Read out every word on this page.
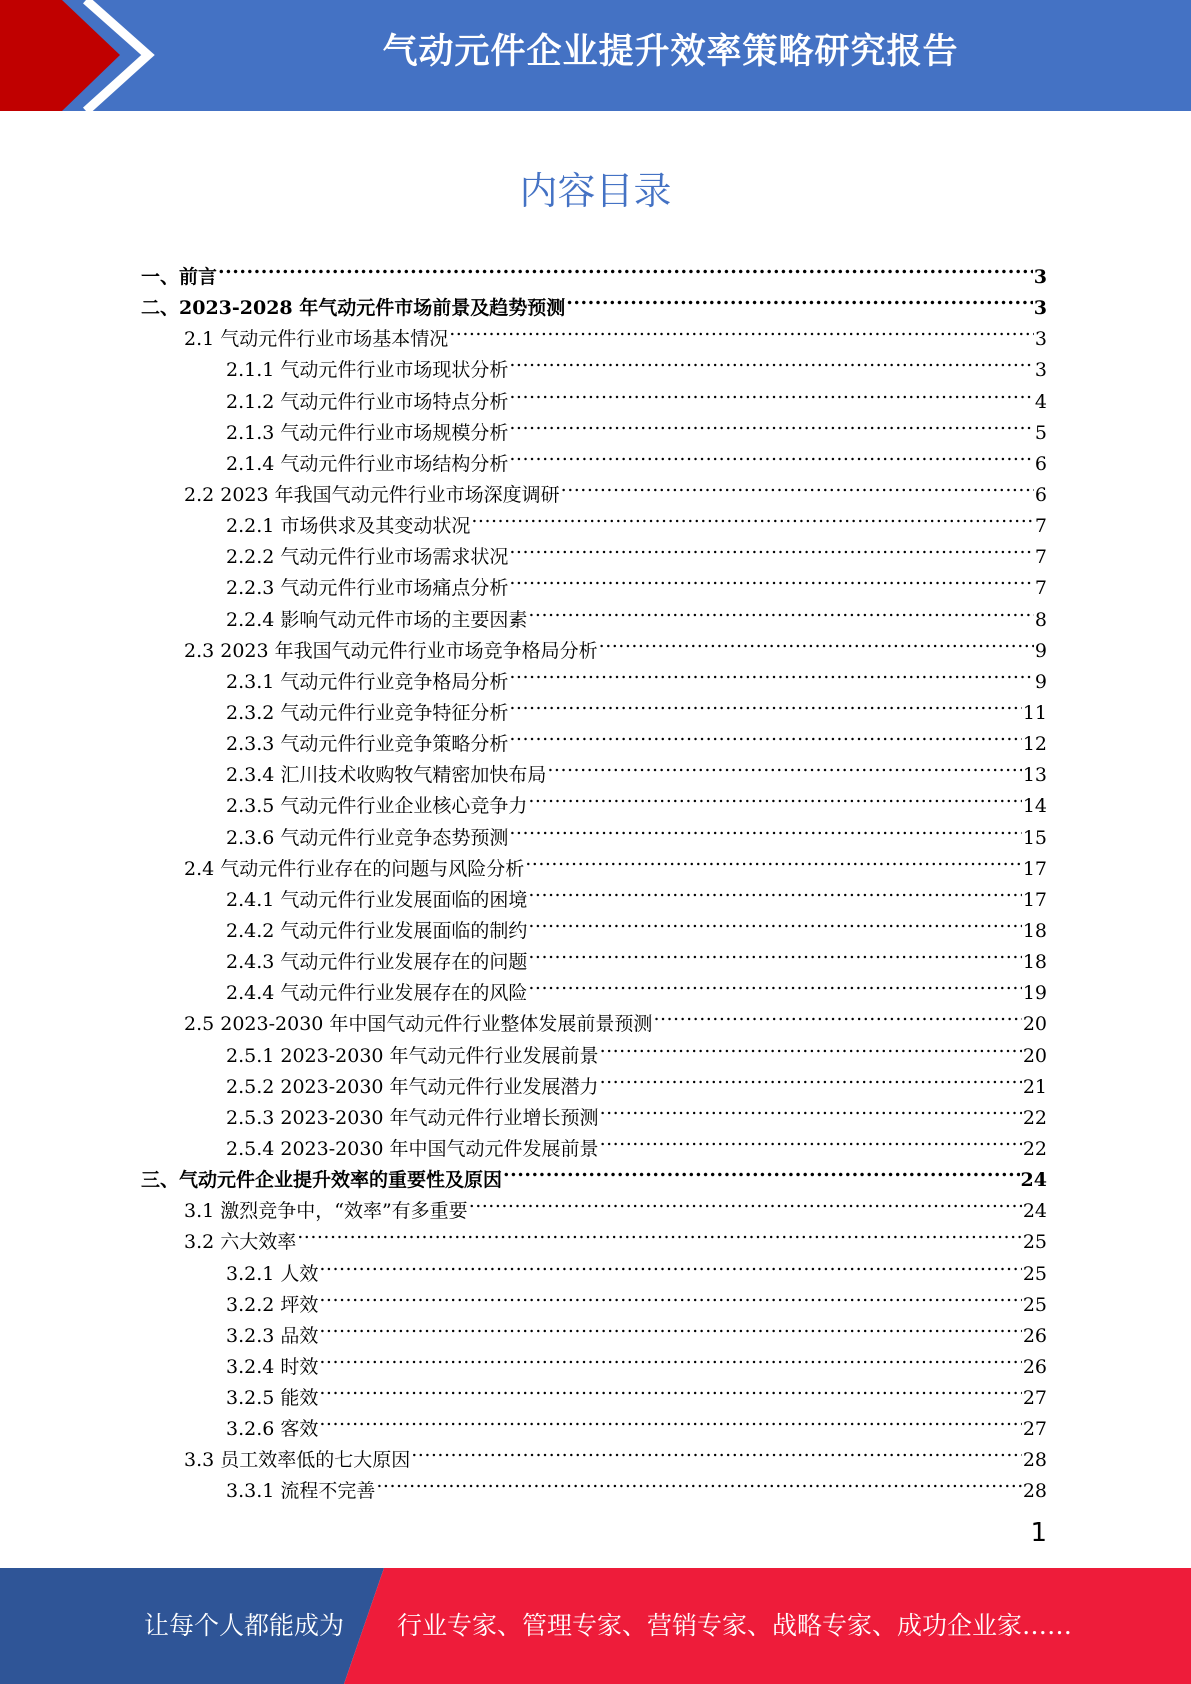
气动元件企业提升效率策略研究报告
内容目录
一、前言 .....	3
二、2023-2028 年气动元件市场前景及趋势预测 .....	3
2.1 气动元件行业市场基本情况 .....	3
2.1.1 气动元件行业市场现状分析 .....	3
2.1.2 气动元件行业市场特点分析 .....	4
2.1.3 气动元件行业市场规模分析 .....	5
2.1.4 气动元件行业市场结构分析 .....	6
2.2 2023 年我国气动元件行业市场深度调研 .....	6
2.2.1 市场供求及其变动状况 .....	7
2.2.2 气动元件行业市场需求状况 .....	7
2.2.3 气动元件行业市场痛点分析 .....	7
2.2.4 影响气动元件市场的主要因素 .....	8
2.3 2023 年我国气动元件行业市场竞争格局分析 .....	9
2.3.1 气动元件行业竞争格局分析 .....	9
2.3.2 气动元件行业竞争特征分析 .....	11
2.3.3 气动元件行业竞争策略分析 .....	12
2.3.4 汇川技术收购牧气精密加快布局 .....	13
2.3.5 气动元件行业企业核心竞争力 .....	14
2.3.6 气动元件行业竞争态势预测 .....	15
2.4 气动元件行业存在的问题与风险分析 .....	17
2.4.1 气动元件行业发展面临的困境 .....	17
2.4.2 气动元件行业发展面临的制约 .....	18
2.4.3 气动元件行业发展存在的问题 .....	18
2.4.4 气动元件行业发展存在的风险 .....	19
2.5 2023-2030 年中国气动元件行业整体发展前景预测 .....	20
2.5.1 2023-2030 年气动元件行业发展前景 .....	20
2.5.2 2023-2030 年气动元件行业发展潜力 .....	21
2.5.3 2023-2030 年气动元件行业增长预测 .....	22
2.5.4 2023-2030 年中国气动元件发展前景 .....	22
三、气动元件企业提升效率的重要性及原因 .....	24
3.1 激烈竞争中，“效率”有多重要 .....	24
3.2 六大效率 .....	25
3.2.1 人效 .....	25
3.2.2 坪效 .....	25
3.2.3 品效 .....	26
3.2.4 时效 .....	26
3.2.5 能效 .....	27
3.2.6 客效 .....	27
3.3 员工效率低的七大原因 .....	28
3.3.1 流程不完善 .....	28
1
让每个人都能成为 行业专家、管理专家、营销专家、战略专家、成功企业家……
